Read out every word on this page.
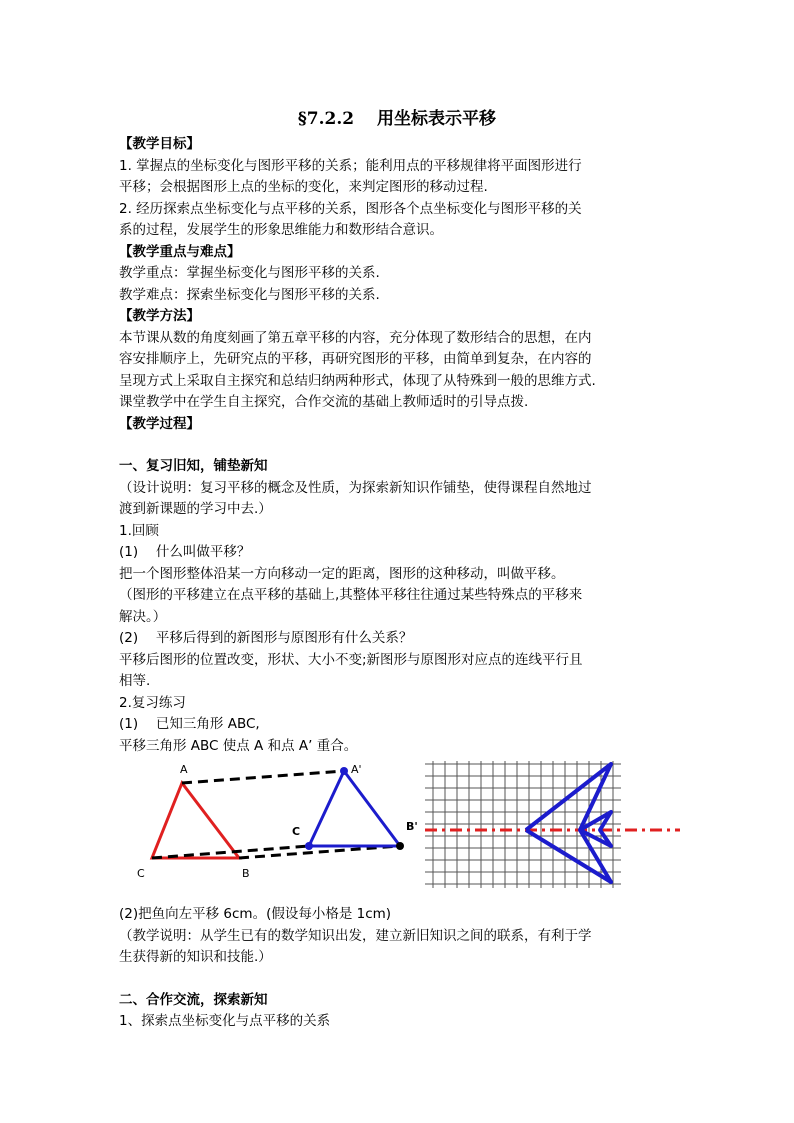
§7.2.2　 用坐标表示平移

【教学目标】

1. 掌握点的坐标变化与图形平移的关系；能利用点的平移规律将平面图形进行

平移；会根据图形上点的坐标的变化，来判定图形的移动过程.

2. 经历探索点坐标变化与点平移的关系，图形各个点坐标变化与图形平移的关

系的过程，发展学生的形象思维能力和数形结合意识。

【教学重点与难点】

教学重点：掌握坐标变化与图形平移的关系.

教学难点：探索坐标变化与图形平移的关系.

【教学方法】

本节课从数的角度刻画了第五章平移的内容，充分体现了数形结合的思想，在内

容安排顺序上，先研究点的平移，再研究图形的平移，由简单到复杂，在内容的

呈现方式上采取自主探究和总结归纳两种形式，体现了从特殊到一般的思维方式.

课堂教学中在学生自主探究，合作交流的基础上教师适时的引导点拨.

【教学过程】

一、复习旧知，铺垫新知

（设计说明：复习平移的概念及性质，为探索新知识作铺垫，使得课程自然地过

渡到新课题的学习中去.）

1.回顾

(1)　 什么叫做平移？

把一个图形整体沿某一方向移动一定的距离，图形的这种移动，叫做平移。

（图形的平移建立在点平移的基础上,其整体平移往往通过某些特殊点的平移来

解决。）

(2)　 平移后得到的新图形与原图形有什么关系？

平移后图形的位置改变，形状、大小不变;新图形与原图形对应点的连线平行且

相等.

2.复习练习

(1)　 已知三角形 ABC,

平移三角形 ABC 使点 A 和点 A’ 重合。

A
C	B
A'
C	B'

(2)把鱼向左平移 6cm。(假设每小格是 1cm)

（教学说明：从学生已有的数学知识出发，建立新旧知识之间的联系，有利于学

生获得新的知识和技能.）

二、合作交流，探索新知

1、探索点坐标变化与点平移的关系
